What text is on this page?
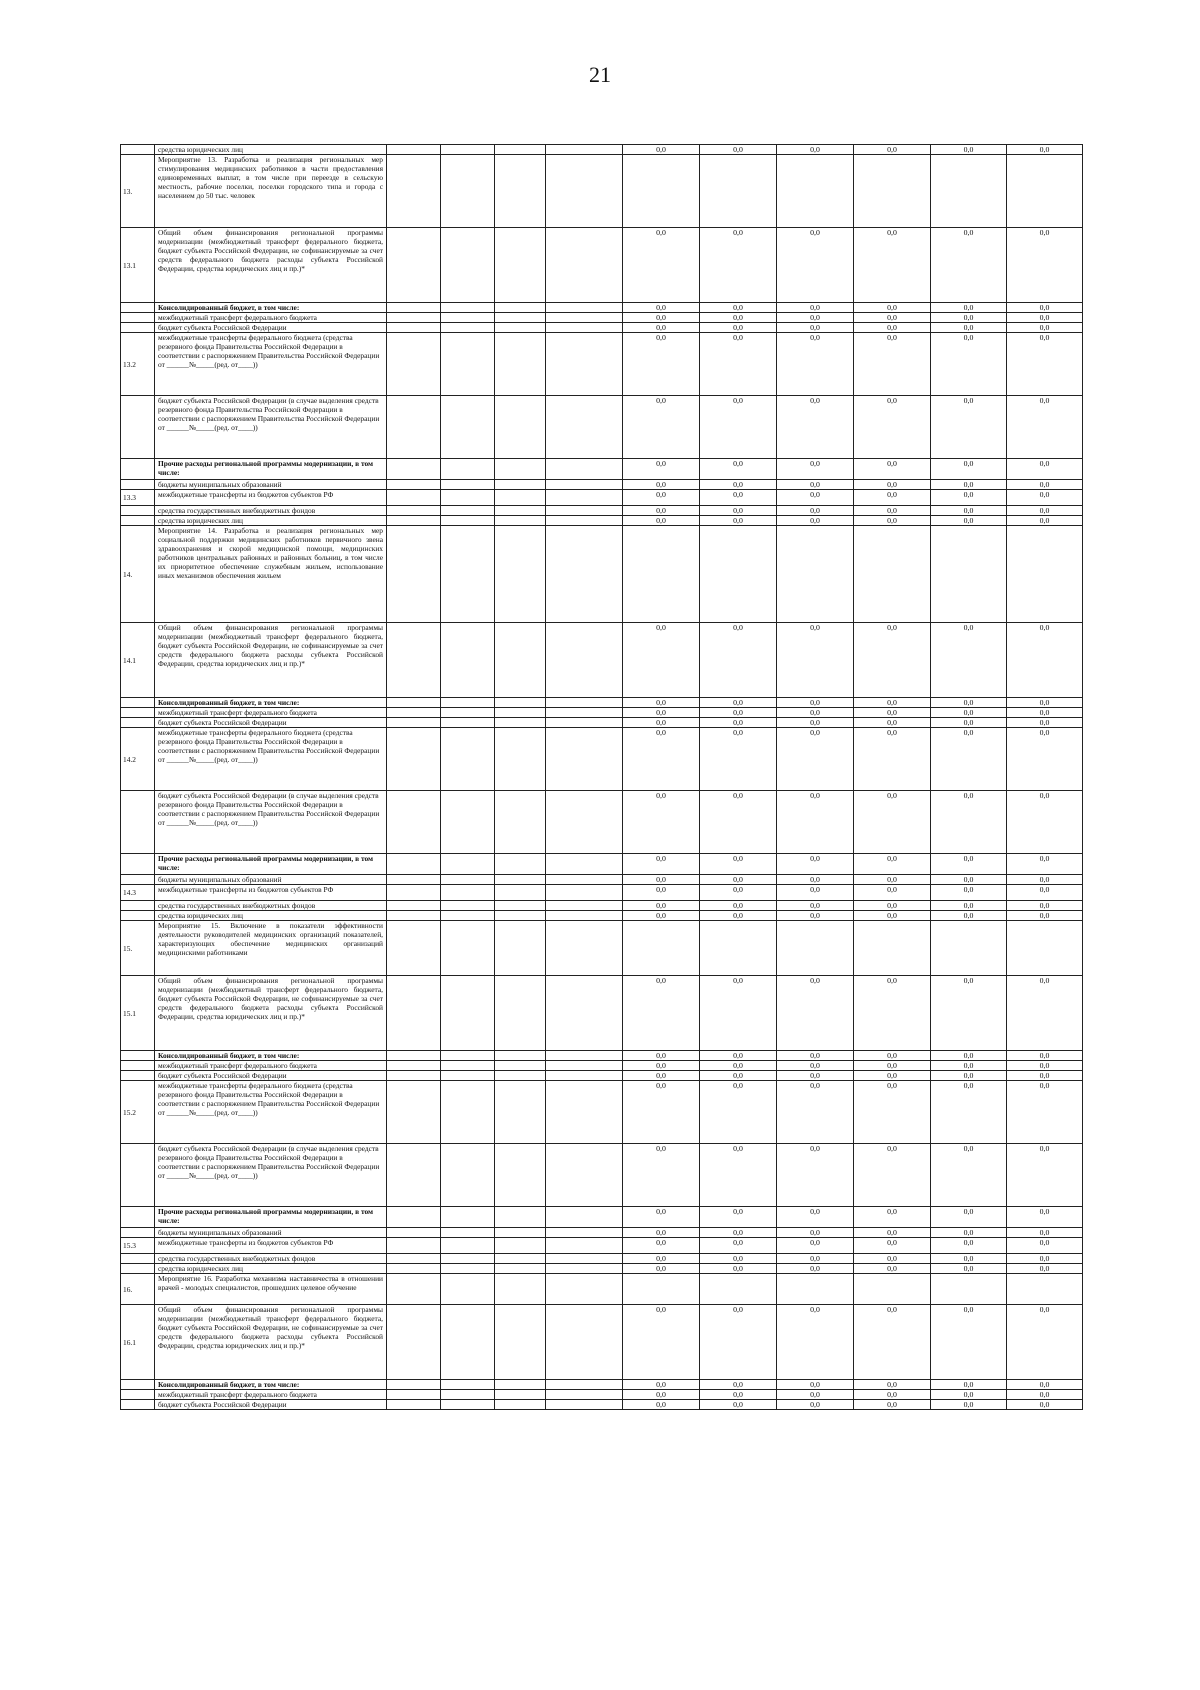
21
	средства юридических лиц					0,0	0,0	0,0	0,0	0,0	0,0
13.	Мероприятие 13. Разработка и реализация региональных мер стимулирования медицинских работников в части предоставления единовременных выплат, в том числе при переезде в сельскую местность, рабочие поселки, поселки городского типа и города с населением до 50 тыс. человек										
13.1	Общий объем финансирования региональной программы модернизации (межбюджетный трансферт федерального бюджета, бюджет субъекта Российской Федерации, не софинансируемые за счет средств федерального бюджета расходы субъекта Российской Федерации, средства юридических лиц и пр.)*					0,0	0,0	0,0	0,0	0,0	0,0
	Консолидированный бюджет, в том числе:					0,0	0,0	0,0	0,0	0,0	0,0
	межбюджетный трансферт федерального бюджета					0,0	0,0	0,0	0,0	0,0	0,0
	бюджет субъекта Российской Федерации					0,0	0,0	0,0	0,0	0,0	0,0
13.2	межбюджетные трансферты федерального бюджета (средства резервного фонда Правительства Российской Федерации в соответствии с распоряжением Правительства Российской Федерации от ______№_____(ред. от____))					0,0	0,0	0,0	0,0	0,0	0,0
	бюджет субъекта Российской Федерации (в случае выделения средств резервного фонда Правительства Российской Федерации в соответствии с распоряжением Правительства Российской Федерации от ______№_____(ред. от____))					0,0	0,0	0,0	0,0	0,0	0,0
	Прочие расходы региональной программы модернизации, в том числе:					0,0	0,0	0,0	0,0	0,0	0,0
	бюджеты муниципальных образований					0,0	0,0	0,0	0,0	0,0	0,0
13.3	межбюджетные трансферты из бюджетов субъектов РФ					0,0	0,0	0,0	0,0	0,0	0,0
	средства государственных внебюджетных фондов					0,0	0,0	0,0	0,0	0,0	0,0
	средства юридических лиц					0,0	0,0	0,0	0,0	0,0	0,0
14.	Мероприятие 14. Разработка и реализация региональных мер социальной поддержки медицинских работников первичного звена здравоохранения и скорой медицинской помощи, медицинских работников центральных районных и районных больниц, в том числе их приоритетное обеспечение служебным жильем, использование иных механизмов обеспечения жильем										
14.1	Общий объем финансирования региональной программы модернизации (межбюджетный трансферт федерального бюджета, бюджет субъекта Российской Федерации, не софинансируемые за счет средств федерального бюджета расходы субъекта Российской Федерации, средства юридических лиц и пр.)*					0,0	0,0	0,0	0,0	0,0	0,0
	Консолидированный бюджет, в том числе:					0,0	0,0	0,0	0,0	0,0	0,0
	межбюджетный трансферт федерального бюджета					0,0	0,0	0,0	0,0	0,0	0,0
	бюджет субъекта Российской Федерации					0,0	0,0	0,0	0,0	0,0	0,0
14.2	межбюджетные трансферты федерального бюджета (средства резервного фонда Правительства Российской Федерации в соответствии с распоряжением Правительства Российской Федерации от ______№_____(ред. от____))					0,0	0,0	0,0	0,0	0,0	0,0
	бюджет субъекта Российской Федерации (в случае выделения средств резервного фонда Правительства Российской Федерации в соответствии с распоряжением Правительства Российской Федерации от ______№_____(ред. от____))					0,0	0,0	0,0	0,0	0,0	0,0
	Прочие расходы региональной программы модернизации, в том числе:					0,0	0,0	0,0	0,0	0,0	0,0
	бюджеты муниципальных образований					0,0	0,0	0,0	0,0	0,0	0,0
14.3	межбюджетные трансферты из бюджетов субъектов РФ					0,0	0,0	0,0	0,0	0,0	0,0
	средства государственных внебюджетных фондов					0,0	0,0	0,0	0,0	0,0	0,0
	средства юридических лиц					0,0	0,0	0,0	0,0	0,0	0,0
15.	Мероприятие 15. Включение в показатели эффективности деятельности руководителей медицинских организаций показателей, характеризующих обеспечение медицинских организаций медицинскими работниками										
15.1	Общий объем финансирования региональной программы модернизации (межбюджетный трансферт федерального бюджета, бюджет субъекта Российской Федерации, не софинансируемые за счет средств федерального бюджета расходы субъекта Российской Федерации, средства юридических лиц и пр.)*					0,0	0,0	0,0	0,0	0,0	0,0
	Консолидированный бюджет, в том числе:					0,0	0,0	0,0	0,0	0,0	0,0
	межбюджетный трансферт федерального бюджета					0,0	0,0	0,0	0,0	0,0	0,0
	бюджет субъекта Российской Федерации					0,0	0,0	0,0	0,0	0,0	0,0
15.2	межбюджетные трансферты федерального бюджета (средства резервного фонда Правительства Российской Федерации в соответствии с распоряжением Правительства Российской Федерации от ______№_____(ред. от____))					0,0	0,0	0,0	0,0	0,0	0,0
	бюджет субъекта Российской Федерации (в случае выделения средств резервного фонда Правительства Российской Федерации в соответствии с распоряжением Правительства Российской Федерации от ______№_____(ред. от____))					0,0	0,0	0,0	0,0	0,0	0,0
	Прочие расходы региональной программы модернизации, в том числе:					0,0	0,0	0,0	0,0	0,0	0,0
	бюджеты муниципальных образований					0,0	0,0	0,0	0,0	0,0	0,0
15.3	межбюджетные трансферты из бюджетов субъектов РФ					0,0	0,0	0,0	0,0	0,0	0,0
	средства государственных внебюджетных фондов					0,0	0,0	0,0	0,0	0,0	0,0
	средства юридических лиц					0,0	0,0	0,0	0,0	0,0	0,0
16.	Мероприятие 16. Разработка механизма наставничества в отношении врачей - молодых специалистов, прошедших целевое обучение										
16.1	Общий объем финансирования региональной программы модернизации (межбюджетный трансферт федерального бюджета, бюджет субъекта Российской Федерации, не софинансируемые за счет средств федерального бюджета расходы субъекта Российской Федерации, средства юридических лиц и пр.)*					0,0	0,0	0,0	0,0	0,0	0,0
	Консолидированный бюджет, в том числе:					0,0	0,0	0,0	0,0	0,0	0,0
	межбюджетный трансферт федерального бюджета					0,0	0,0	0,0	0,0	0,0	0,0
	бюджет субъекта Российской Федерации					0,0	0,0	0,0	0,0	0,0	0,0
